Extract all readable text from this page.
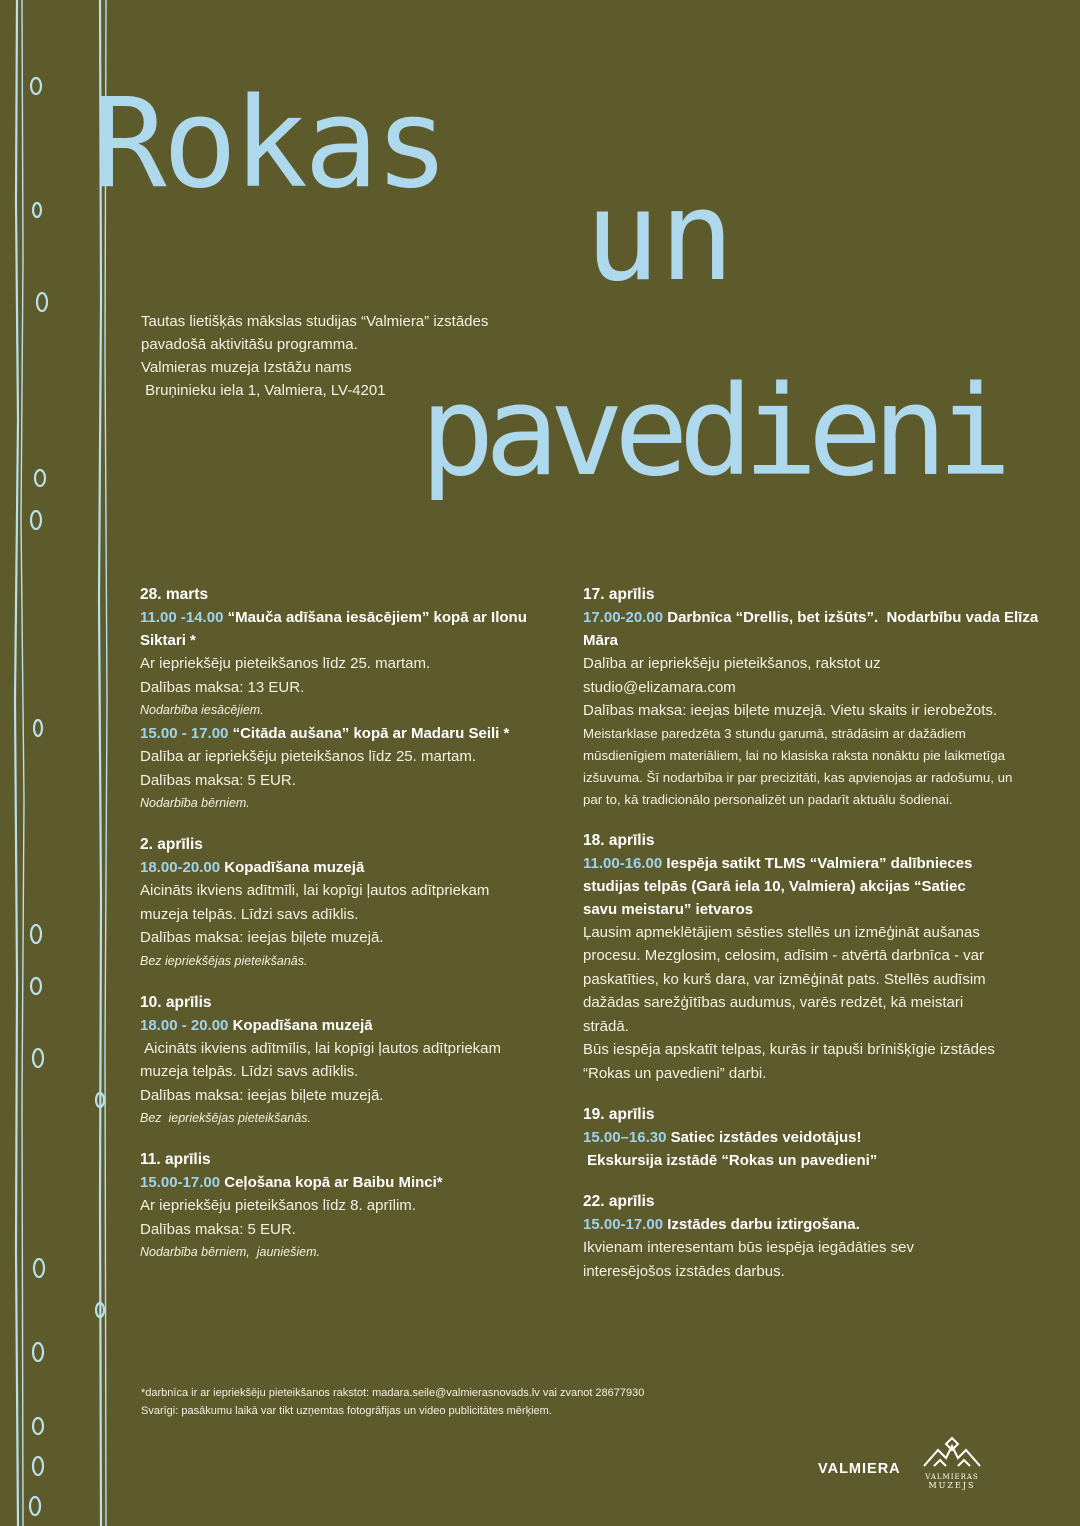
Rokas
un
pavedieni
Tautas lietišķās mākslas studijas “Valmiera” izstādes
pavadošā aktivitāšu programma.
Valmieras muzeja Izstāžu nams
Bruņinieku iela 1, Valmiera, LV-4201
28. marts
11.00 -14.00 “Mauča adīšana iesācējiem” kopā ar Ilonu Siktari *
Ar iepriekšēju pieteikšanos līdz 25. martam.
Dalības maksa: 13 EUR.
Nodarbība iesācējiem.
15.00 - 17.00 “Citāda aušana” kopā ar Madaru Seili *
Dalība ar iepriekšēju pieteikšanos līdz 25. martam.
Dalības maksa: 5 EUR.
Nodarbība bērniem.
2. aprīlis
18.00-20.00 Kopadīšana muzejā
Aicināts ikviens adītmīli, lai kopīgi ļautos adītpriekam muzeja telpās. Līdzi savs adīklis.
Dalības maksa: ieejas biļete muzejā.
Bez iepriekšējas pieteikšanās.
10. aprīlis
18.00 - 20.00 Kopadīšana muzejā
Aicināts ikviens adītmīlis, lai kopīgi ļautos adītpriekam muzeja telpās. Līdzi savs adīklis.
Dalības maksa: ieejas biļete muzejā.
Bez  iepriekšējas pieteikšanās.
11. aprīlis
15.00-17.00 Ceļošana kopā ar Baibu Minci*
Ar iepriekšēju pieteikšanos līdz 8. aprīlim.
Dalības maksa: 5 EUR.
Nodarbība bērniem,  jauniešiem.
17. aprīlis
17.00-20.00 Darbnīca “Drellis, bet izšūts”.  Nodarbību vada Elīza Māra
Dalība ar iepriekšēju pieteikšanos, rakstot uz
studio@elizamara.com
Dalības maksa: ieejas biļete muzejā. Vietu skaits ir ierobežots.
Meistarklase paredzēta 3 stundu garumā, strādāsim ar dažādiem mūsdienīgiem materiāliem, lai no klasiska raksta nonāktu pie laikmetīga izšuvuma. Šī nodarbība ir par precizitāti, kas apvienojas ar radošumu, un par to, kā tradicionālo personalizēt un padarīt aktuālu šodienai.
18. aprīlis
11.00-16.00 Iespēja satikt TLMS “Valmiera” dalībnieces studijas telpās (Garā iela 10, Valmiera) akcijas “Satiec savu meistaru” ietvaros
Ļausim apmeklētājiem sēsties stellēs un izmēģināt aušanas procesu. Mezglosim, celosim, adīsim - atvērtā darbnīca - var paskatīties, ko kurš dara, var izmēģināt pats. Stellēs audīsim dažādas sarežģītības audumus, varēs redzēt, kā meistari strādā.
Būs iespēja apskatīt telpas, kurās ir tapuši brīnišķīgie izstādes “Rokas un pavedieni” darbi.
19. aprīlis
15.00–16.30 Satiec izstādes veidotājus!
Ekskursija izstādē “Rokas un pavedieni”
22. aprīlis
15.00-17.00 Izstādes darbu iztirgošana.
Ikvienam interesentam būs iespēja iegādāties sev interesējošos izstādes darbus.
*darbnīca ir ar iepriekšēju pieteikšanos rakstot: madara.seile@valmierasnovads.lv vai zvanot 28677930
Svarīgi: pasākumu laikā var tikt uzņemtas fotogrāfijas un video publicitātes mērķiem.
VALMIERA	VALMIERAS
MUZEJS
